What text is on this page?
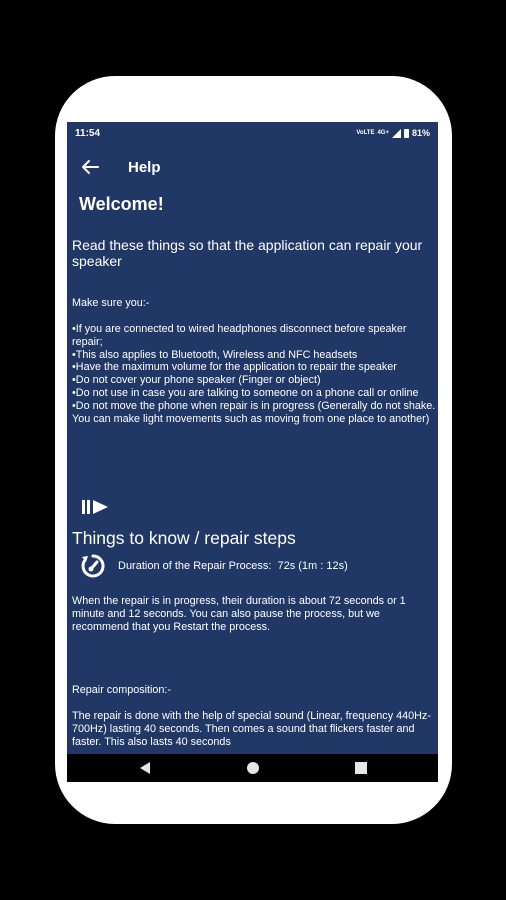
11:54	VoLTE 4G+	81%
Help
Welcome!
Read these things so that the application can repair your speaker
Make sure you:-
•If you are connected to wired headphones disconnect before speaker repair;
•This also applies to Bluetooth, Wireless and NFC headsets
•Have the maximum volume for the application to repair the speaker
•Do not cover your phone speaker (Finger or object)
•Do not use in case you are talking to someone on a phone call or online
•Do not move the phone when repair is in progress (Generally do not shake. You can make light movements such as moving from one place to another)
Things to know / repair steps
Duration of the Repair Process: 72s (1m : 12s)
When the repair is in progress, their duration is about 72 seconds or 1 minute and 12 seconds. You can also pause the process, but we recommend that you Restart the process.
Repair composition:-
The repair is done with the help of special sound (Linear, frequency 440Hz-700Hz) lasting 40 seconds. Then comes a sound that flickers faster and faster. This also lasts 40 seconds
